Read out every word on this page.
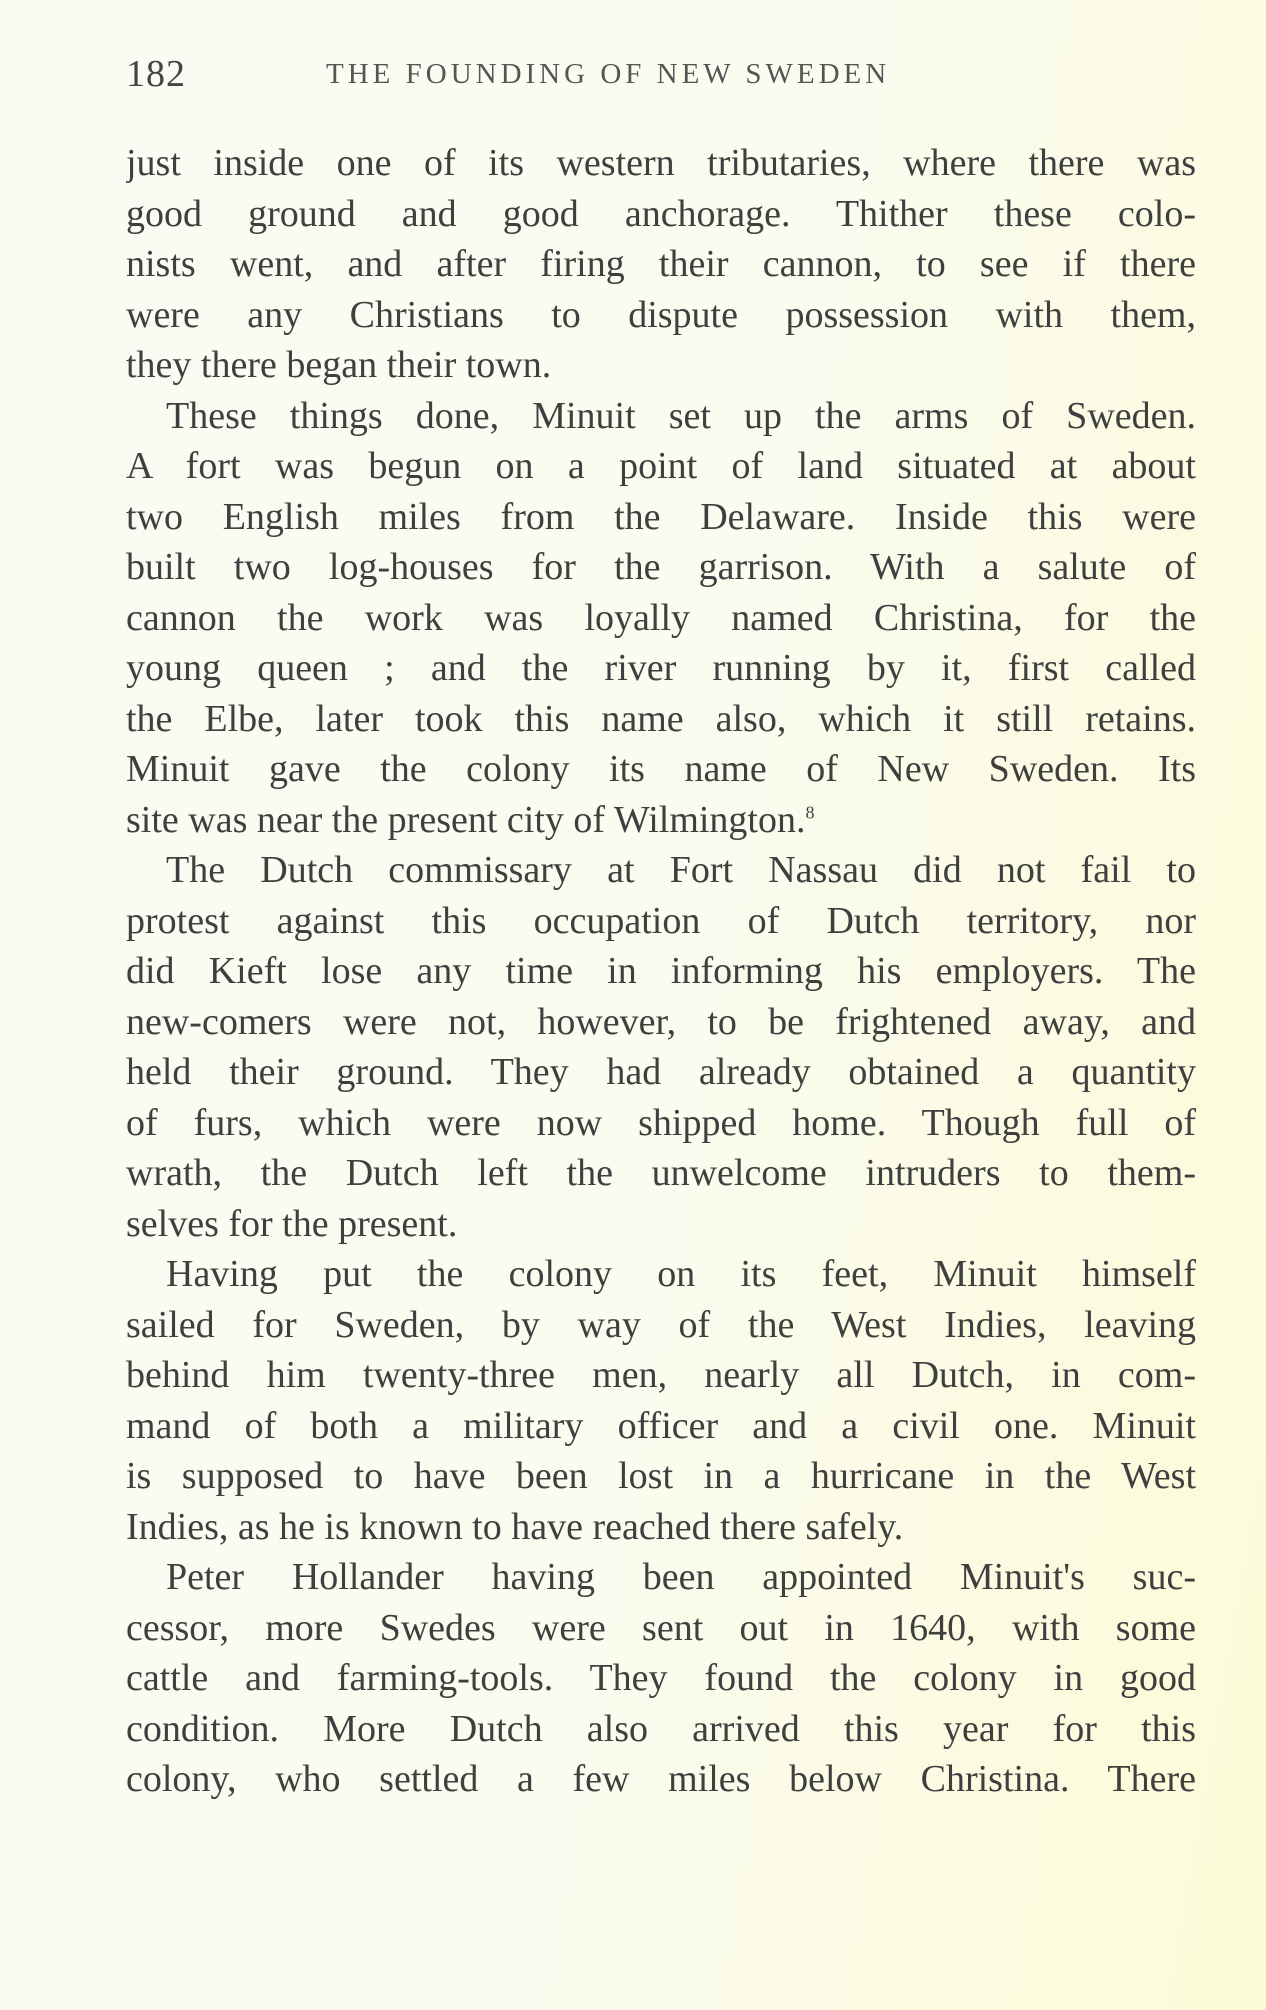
182	THE FOUNDING OF NEW SWEDEN
just inside one of its western tributaries, where there was
good ground and good anchorage. Thither these colo-
nists went, and after firing their cannon, to see if there
were any Christians to dispute possession with them,
they there began their town.
These things done, Minuit set up the arms of Sweden.
A fort was begun on a point of land situated at about
two English miles from the Delaware. Inside this were
built two log-houses for the garrison. With a salute of
cannon the work was loyally named Christina, for the
young queen ; and the river running by it, first called
the Elbe, later took this name also, which it still retains.
Minuit gave the colony its name of New Sweden. Its
site was near the present city of Wilmington.$^8$
The Dutch commissary at Fort Nassau did not fail to
protest against this occupation of Dutch territory, nor
did Kieft lose any time in informing his employers. The
new-comers were not, however, to be frightened away, and
held their ground. They had already obtained a quantity
of furs, which were now shipped home. Though full of
wrath, the Dutch left the unwelcome intruders to them-
selves for the present.
Having put the colony on its feet, Minuit himself
sailed for Sweden, by way of the West Indies, leaving
behind him twenty-three men, nearly all Dutch, in com-
mand of both a military officer and a civil one. Minuit
is supposed to have been lost in a hurricane in the West
Indies, as he is known to have reached there safely.
Peter Hollander having been appointed Minuit's suc-
cessor, more Swedes were sent out in 1640, with some
cattle and farming-tools. They found the colony in good
condition. More Dutch also arrived this year for this
colony, who settled a few miles below Christina. There
